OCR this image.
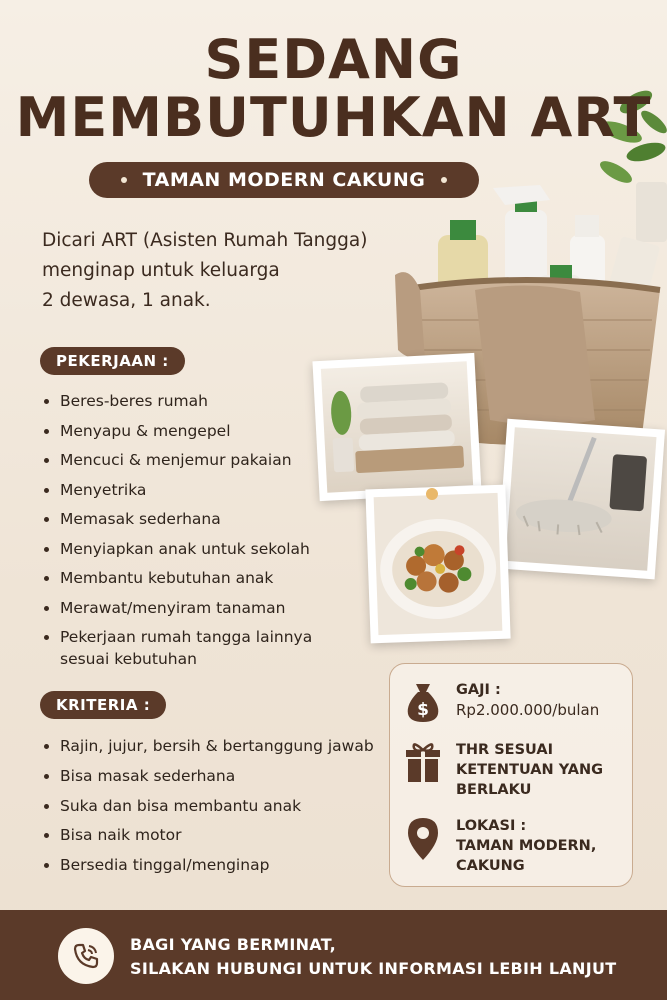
SEDANG
MEMBUTUHKAN ART
TAMAN MODERN CAKUNG
Dicari ART (Asisten Rumah Tangga)
menginap untuk keluarga
2 dewasa, 1 anak.
PEKERJAAN :
Beres-beres rumah
Menyapu & mengepel
Mencuci & menjemur pakaian
Menyetrika
Memasak sederhana
Menyiapkan anak untuk sekolah
Membantu kebutuhan anak
Merawat/menyiram tanaman
Pekerjaan rumah tangga lainnya
sesuai kebutuhan
KRITERIA :
Rajin, jujur, bersih & bertanggung jawab
Bisa masak sederhana
Suka dan bisa membantu anak
Bisa naik motor
Bersedia tinggal/menginap
$
GAJI :
Rp2.000.000/bulan
THR SESUAI
KETENTUAN YANG
BERLAKU
LOKASI :
TAMAN MODERN,
CAKUNG
BAGI YANG BERMINAT,
SILAKAN HUBUNGI UNTUK INFORMASI LEBIH LANJUT
